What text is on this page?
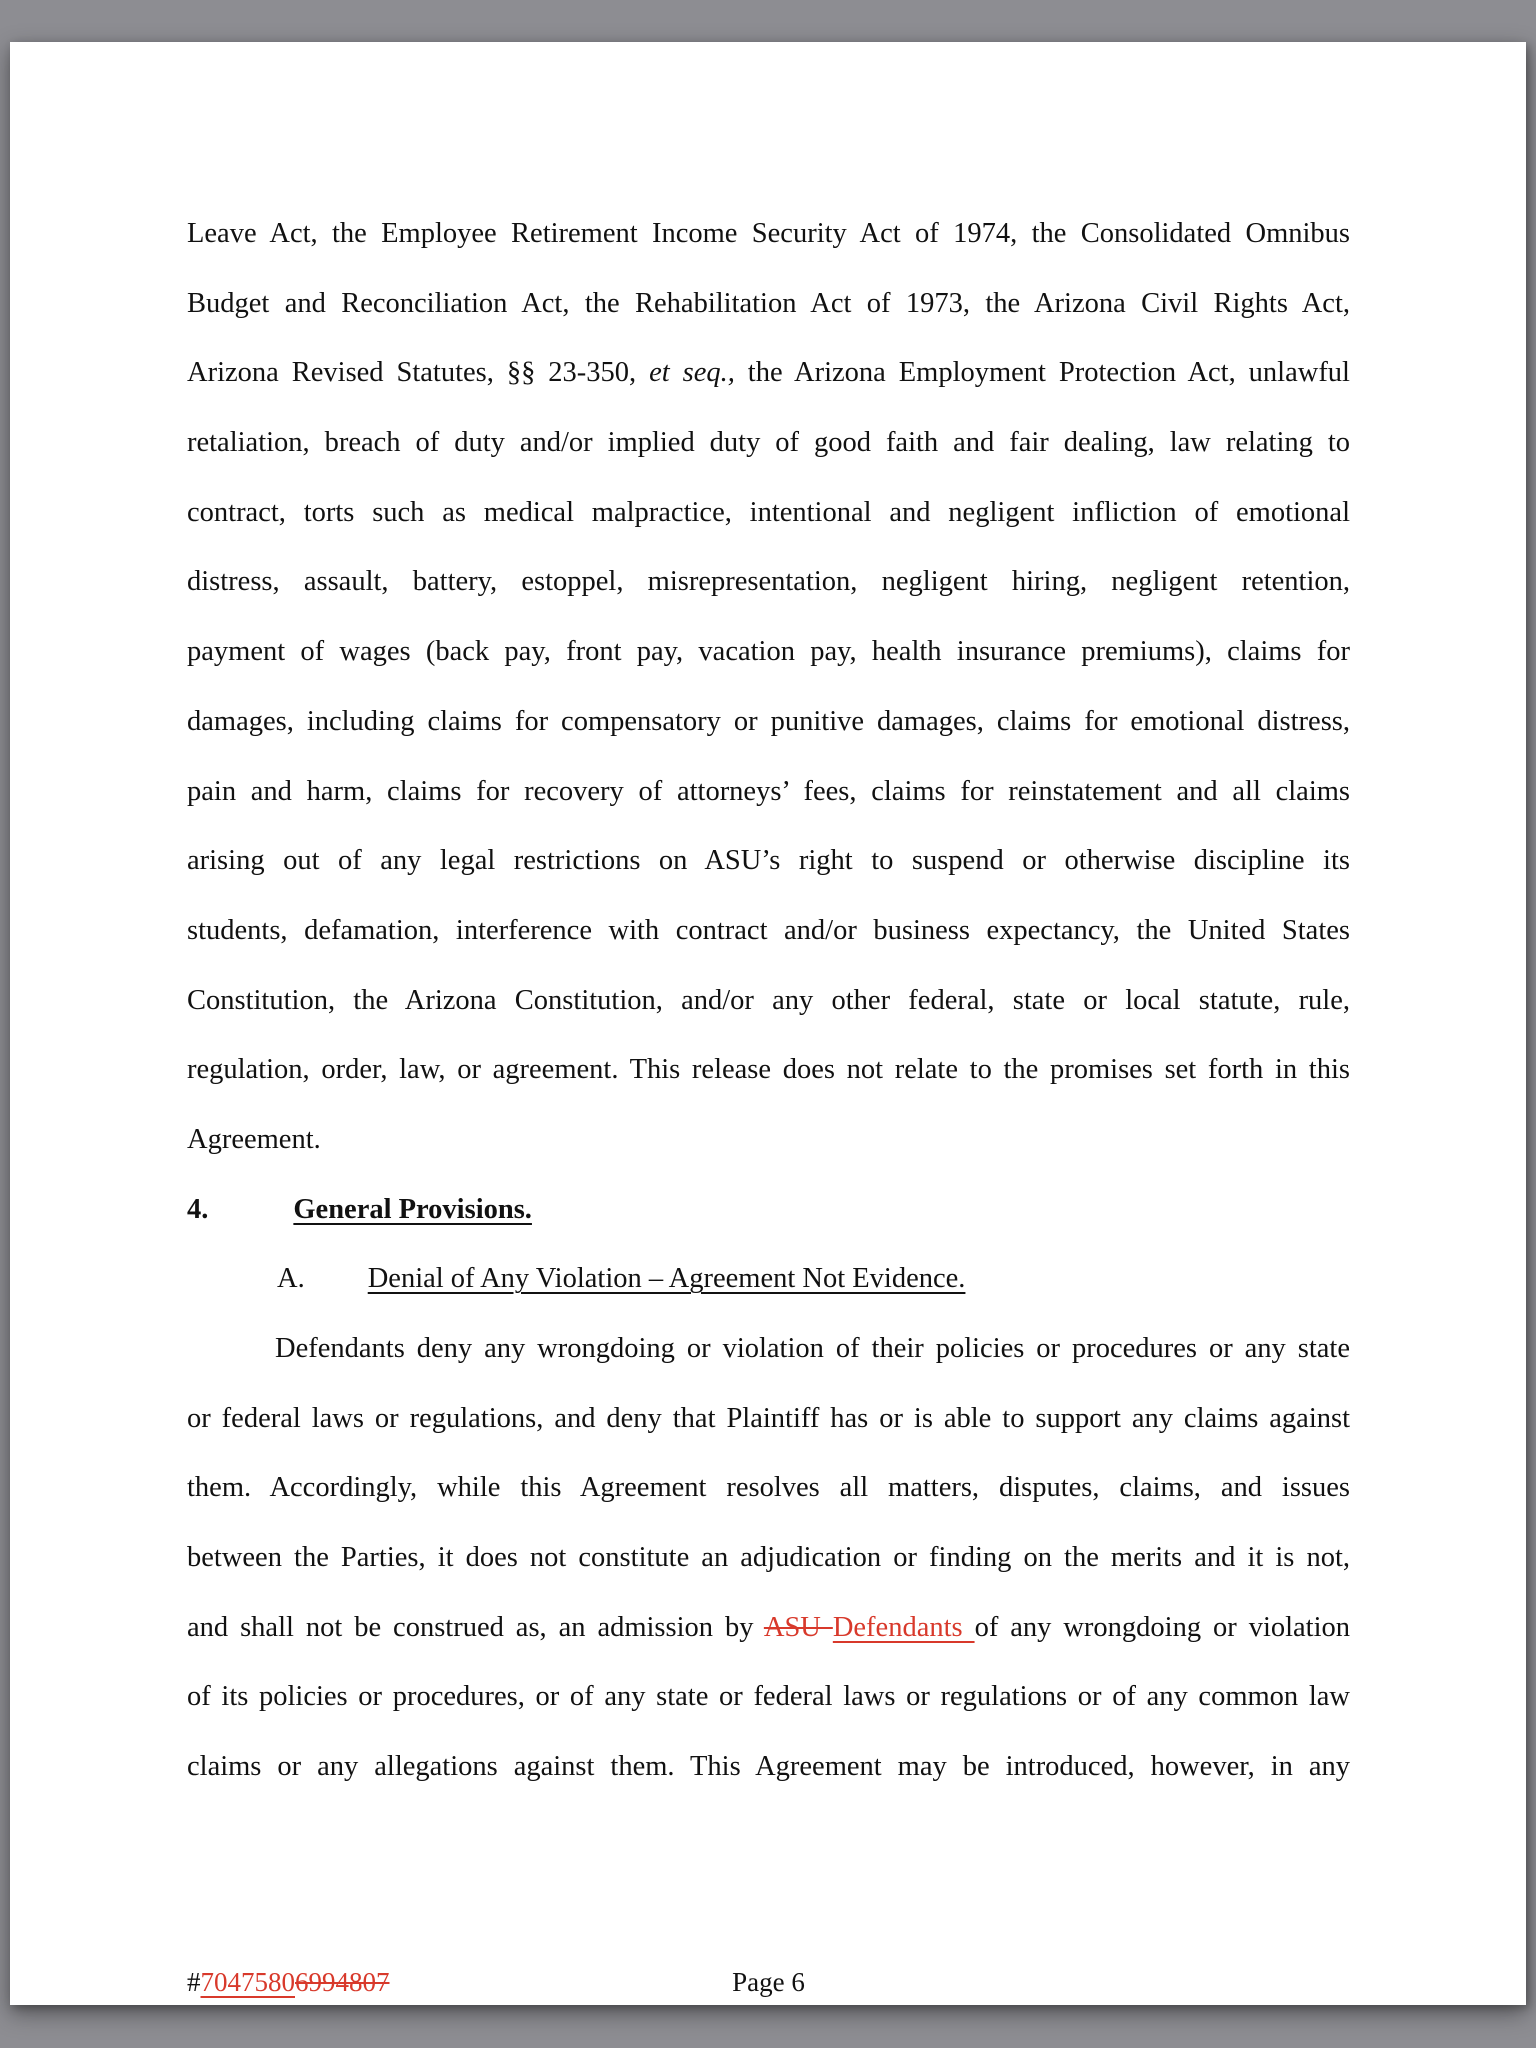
Leave Act, the Employee Retirement Income Security Act of 1974, the Consolidated Omnibus
Budget and Reconciliation Act, the Rehabilitation Act of 1973, the Arizona Civil Rights Act,
Arizona Revised Statutes, §§ 23-350, et seq., the Arizona Employment Protection Act, unlawful
retaliation, breach of duty and/or implied duty of good faith and fair dealing, law relating to
contract, torts such as medical malpractice, intentional and negligent infliction of emotional
distress, assault, battery, estoppel, misrepresentation, negligent hiring, negligent retention,
payment of wages (back pay, front pay, vacation pay, health insurance premiums), claims for
damages, including claims for compensatory or punitive damages, claims for emotional distress,
pain and harm, claims for recovery of attorneys’ fees, claims for reinstatement and all claims
arising out of any legal restrictions on ASU’s right to suspend or otherwise discipline its
students, defamation, interference with contract and/or business expectancy, the United States
Constitution, the Arizona Constitution, and/or any other federal, state or local statute, rule,
regulation, order, law, or agreement. This release does not relate to the promises set forth in this
Agreement.
4.	General Provisions.
A. Denial of Any Violation – Agreement Not Evidence.
Defendants deny any wrongdoing or violation of their policies or procedures or any state
or federal laws or regulations, and deny that Plaintiff has or is able to support any claims against
them. Accordingly, while this Agreement resolves all matters, disputes, claims, and issues
between the Parties, it does not constitute an adjudication or finding on the merits and it is not,
and shall not be construed as, an admission by ASU Defendants of any wrongdoing or violation
of its policies or procedures, or of any state or federal laws or regulations or of any common law
claims or any allegations against them. This Agreement may be introduced, however, in any
#70475806994807	Page 6
